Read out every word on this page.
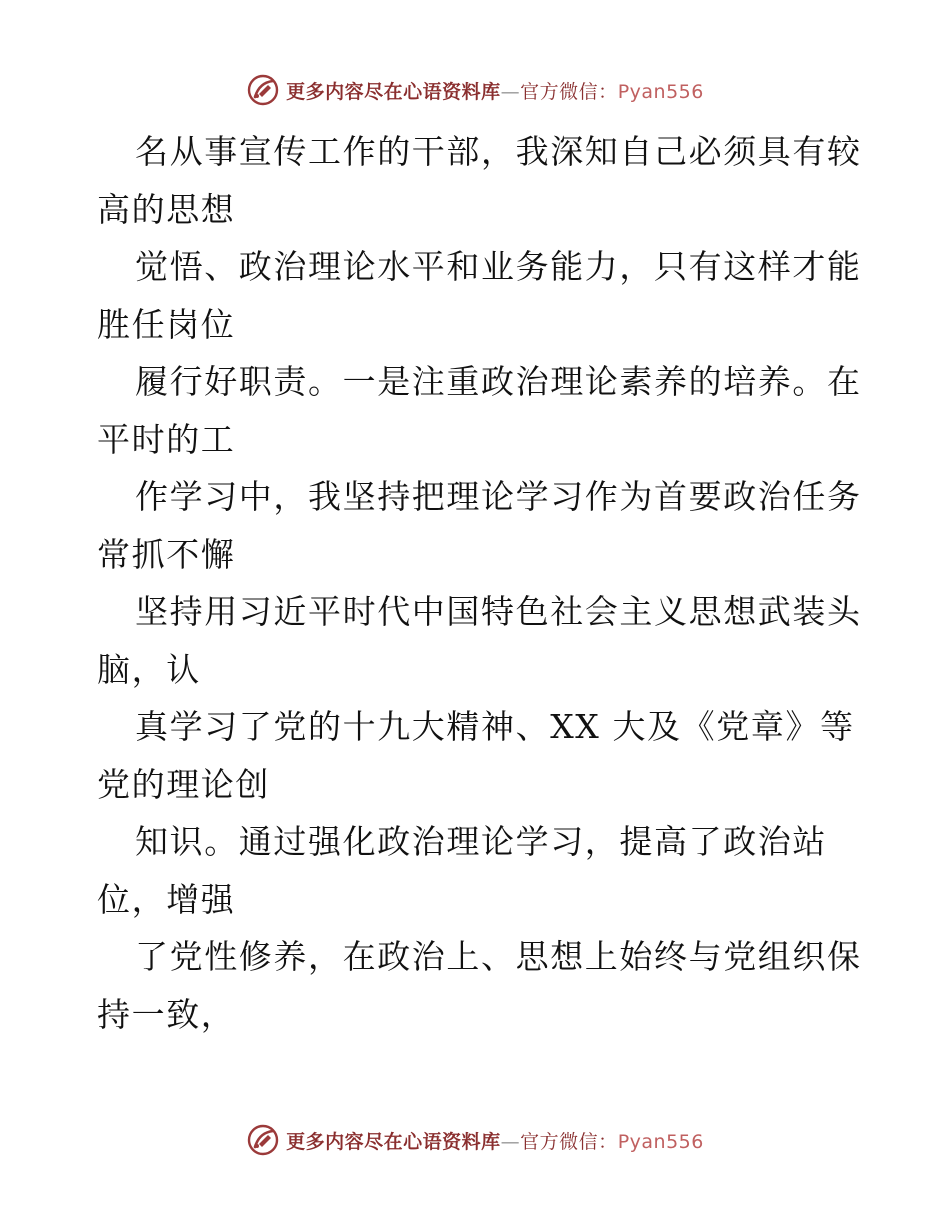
更多内容尽在心语资料库—官方微信：Pyan556
名从事宣传工作的干部，我深知自己必须具有较
高的思想
觉悟、政治理论水平和业务能力，只有这样才能
胜任岗位
履行好职责。一是注重政治理论素养的培养。在
平时的工
作学习中，我坚持把理论学习作为首要政治任务
常抓不懈
坚持用习近平时代中国特色社会主义思想武装头
脑，认
真学习了党的十九大精神、XX 大及《党章》等
党的理论创
知识。通过强化政治理论学习，提高了政治站
位，增强
了党性修养，在政治上、思想上始终与党组织保
持一致，
更多内容尽在心语资料库—官方微信：Pyan556
